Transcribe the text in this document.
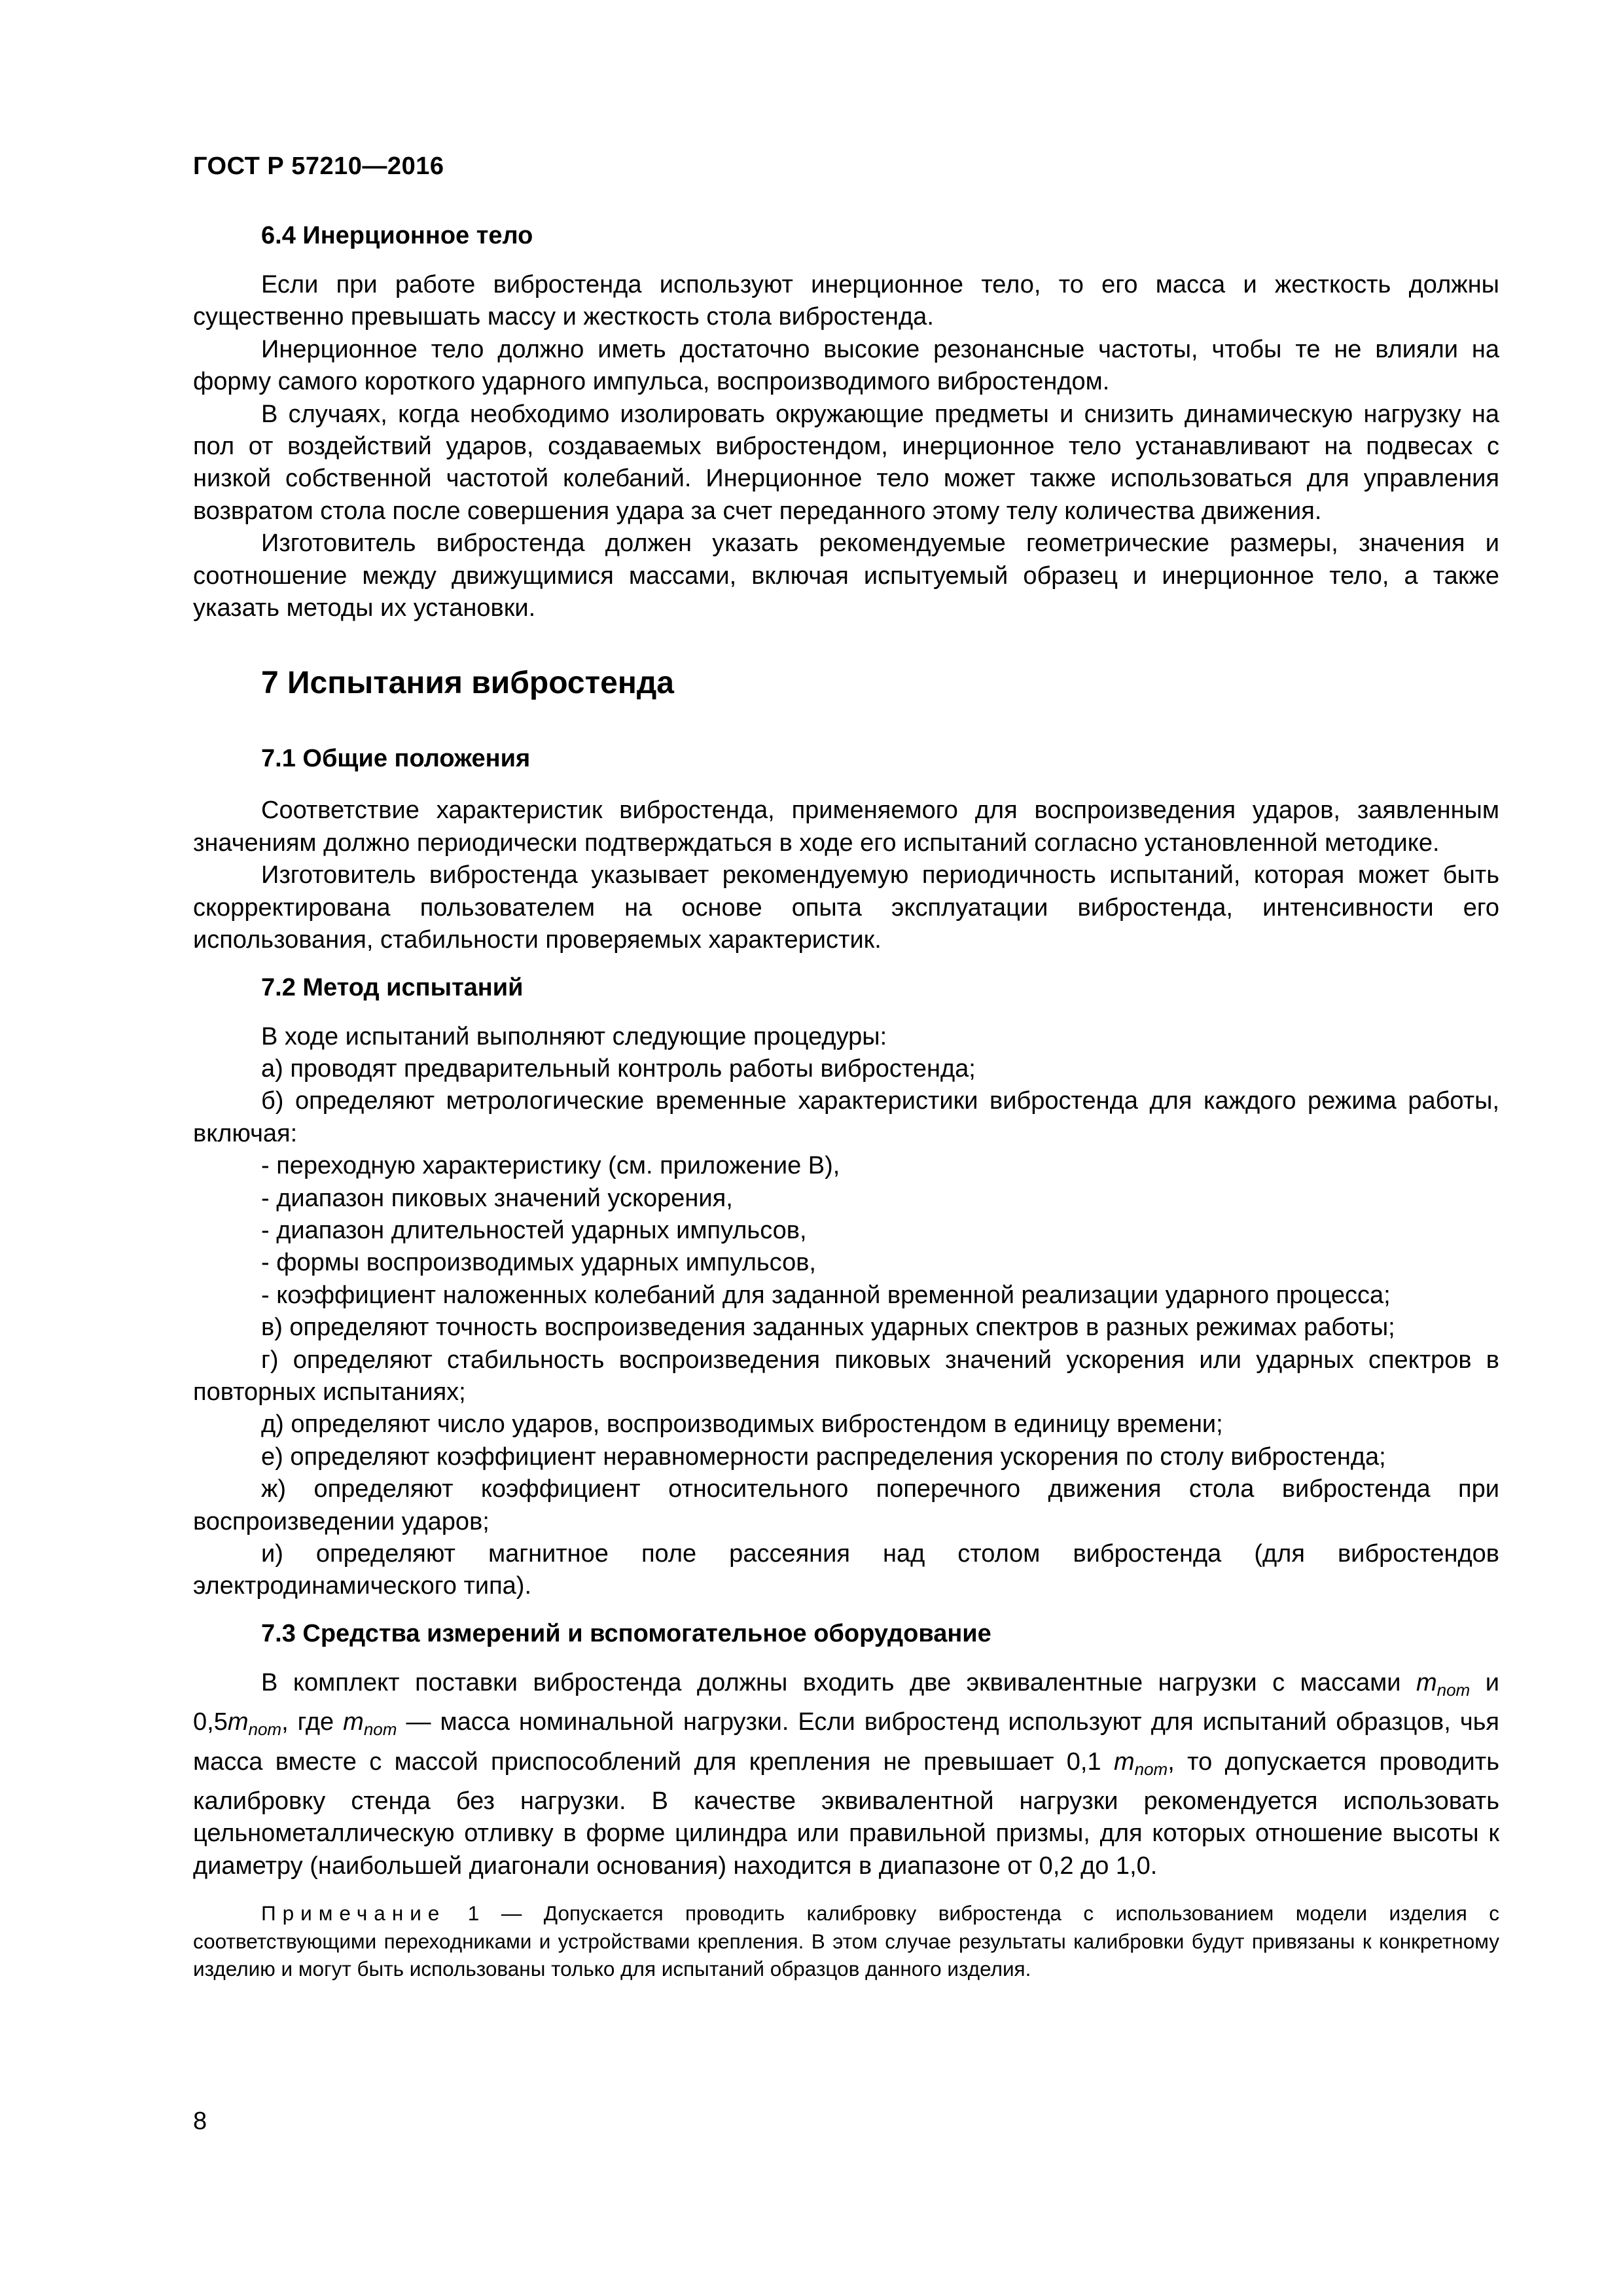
ГОСТ Р 57210—2016
6.4 Инерционное тело
Если при работе вибростенда используют инерционное тело, то его масса и жесткость должны существенно превышать массу и жесткость стола вибростенда.
Инерционное тело должно иметь достаточно высокие резонансные частоты, чтобы те не влияли на форму самого короткого ударного импульса, воспроизводимого вибростендом.
В случаях, когда необходимо изолировать окружающие предметы и снизить динамическую нагрузку на пол от воздействий ударов, создаваемых вибростендом, инерционное тело устанавливают на подвесах с низкой собственной частотой колебаний. Инерционное тело может также использоваться для управления возвратом стола после совершения удара за счет переданного этому телу количества движения.
Изготовитель вибростенда должен указать рекомендуемые геометрические размеры, значения и соотношение между движущимися массами, включая испытуемый образец и инерционное тело, а также указать методы их установки.
7 Испытания вибростенда
7.1 Общие положения
Соответствие характеристик вибростенда, применяемого для воспроизведения ударов, заявленным значениям должно периодически подтверждаться в ходе его испытаний согласно установленной методике.
Изготовитель вибростенда указывает рекомендуемую периодичность испытаний, которая может быть скорректирована пользователем на основе опыта эксплуатации вибростенда, интенсивности его использования, стабильности проверяемых характеристик.
7.2 Метод испытаний
В ходе испытаний выполняют следующие процедуры:
а) проводят предварительный контроль работы вибростенда;
б) определяют метрологические временные характеристики вибростенда для каждого режима работы, включая:
- переходную характеристику (см. приложение В),
- диапазон пиковых значений ускорения,
- диапазон длительностей ударных импульсов,
- формы воспроизводимых ударных импульсов,
- коэффициент наложенных колебаний для заданной временной реализации ударного процесса;
в) определяют точность воспроизведения заданных ударных спектров в разных режимах работы;
г) определяют стабильность воспроизведения пиковых значений ускорения или ударных спектров в повторных испытаниях;
д) определяют число ударов, воспроизводимых вибростендом в единицу времени;
е) определяют коэффициент неравномерности распределения ускорения по столу вибростенда;
ж) определяют коэффициент относительного поперечного движения стола вибростенда при воспроизведении ударов;
и) определяют магнитное поле рассеяния над столом вибростенда (для вибростендов электродинамического типа).
7.3 Средства измерений и вспомогательное оборудование
В комплект поставки вибростенда должны входить две эквивалентные нагрузки с массами $m_{nom}$ и $0,5m_{nom}$, где $m_{nom}$ — масса номинальной нагрузки. Если вибростенд используют для испытаний образцов, чья масса вместе с массой приспособлений для крепления не превышает 0,1 $m_{nom}$, то допускается проводить калибровку стенда без нагрузки. В качестве эквивалентной нагрузки рекомендуется использовать цельнометаллическую отливку в форме цилиндра или правильной призмы, для которых отношение высоты к диаметру (наибольшей диагонали основания) находится в диапазоне от 0,2 до 1,0.
Примечание 1 — Допускается проводить калибровку вибростенда с использованием модели изделия с соответствующими переходниками и устройствами крепления. В этом случае результаты калибровки будут привязаны к конкретному изделию и могут быть использованы только для испытаний образцов данного изделия.
8
